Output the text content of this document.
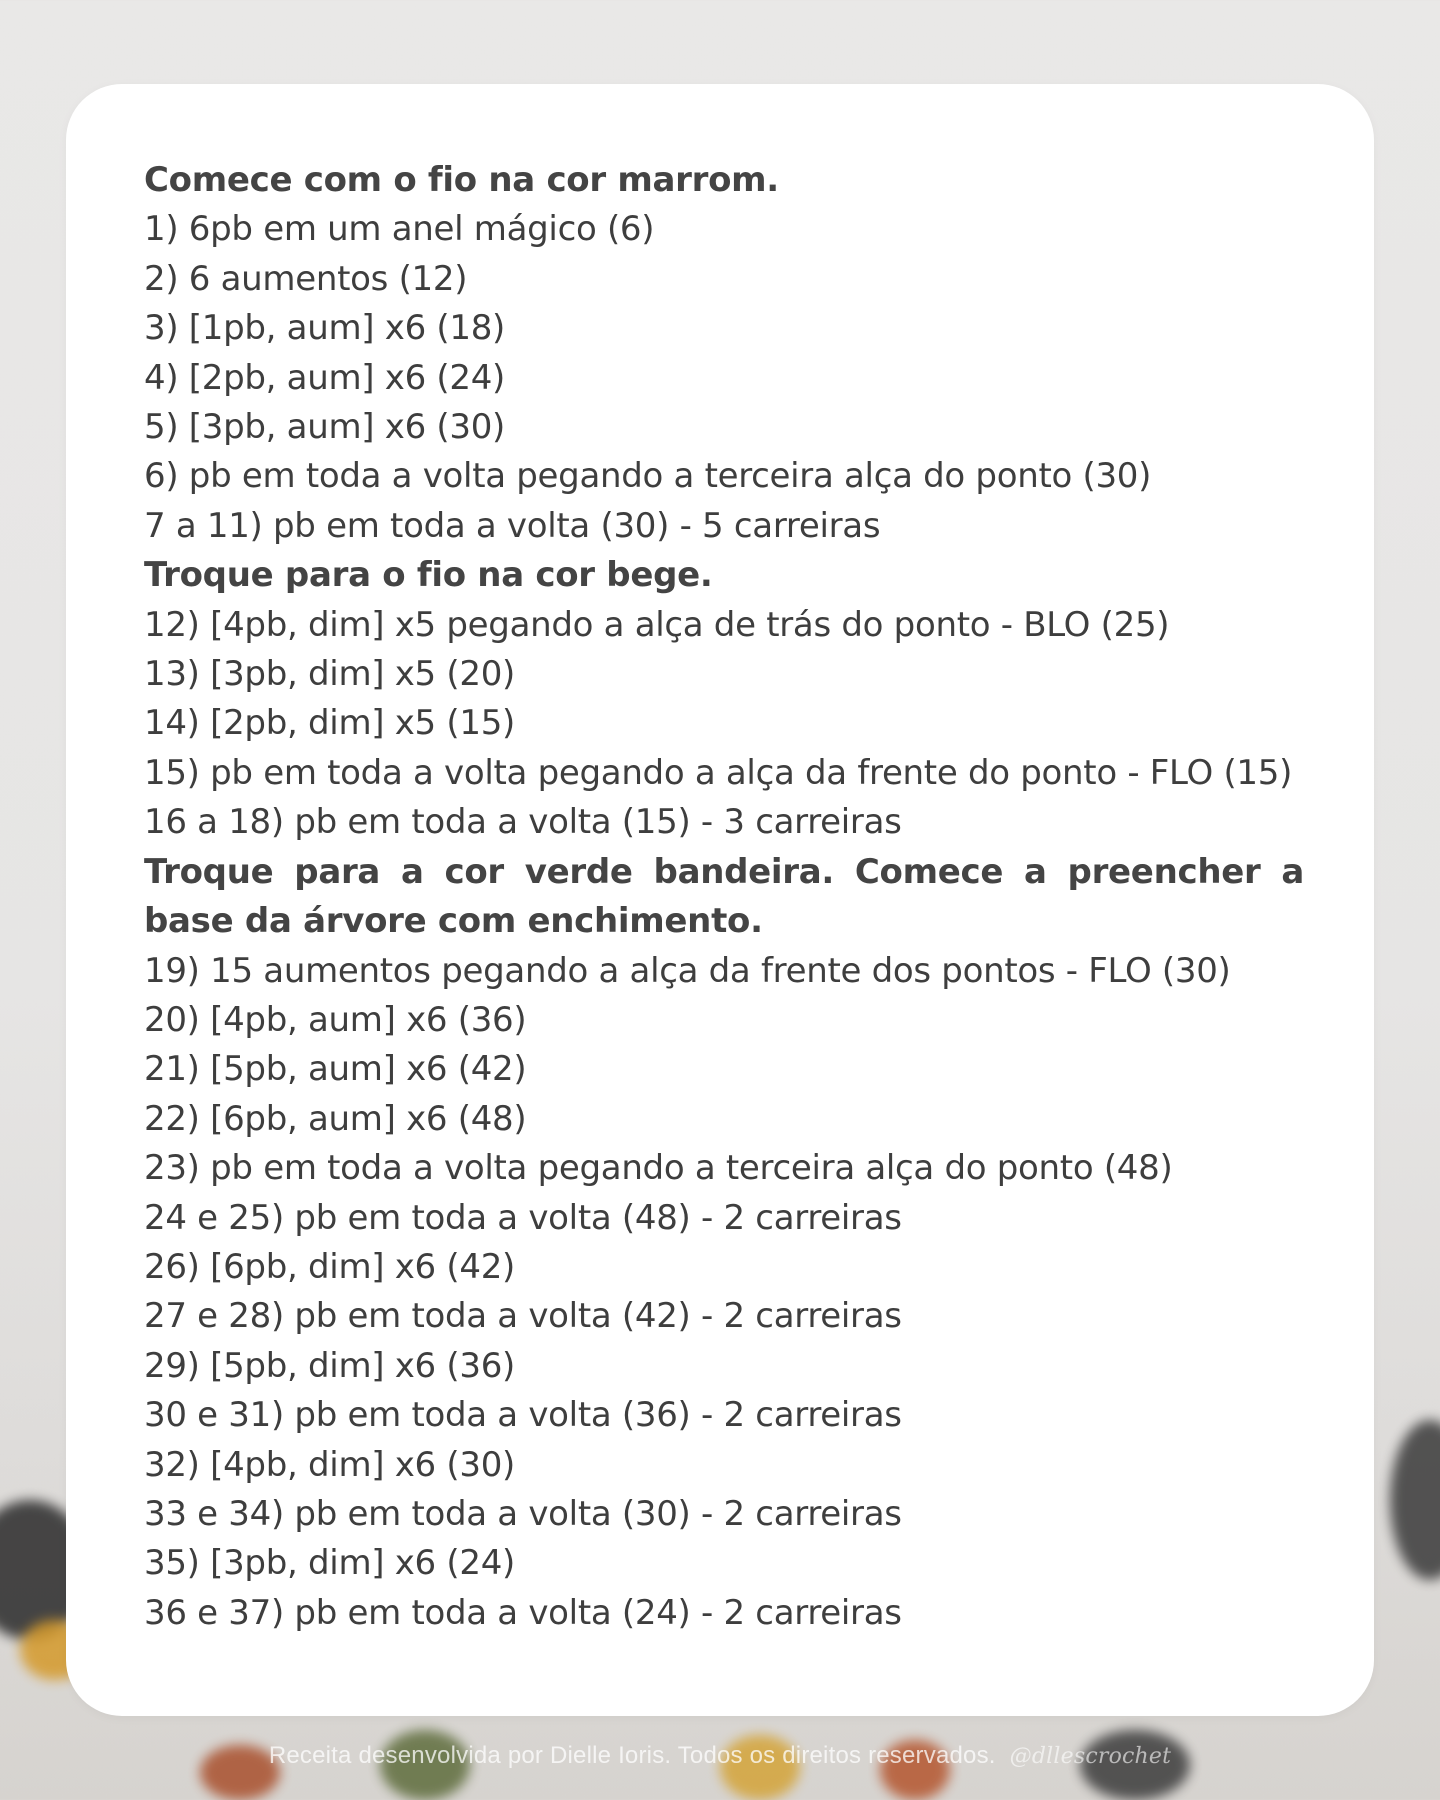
Comece com o fio na cor marrom.
1) 6pb em um anel mágico (6)
2) 6 aumentos (12)
3) [1pb, aum] x6 (18)
4) [2pb, aum] x6 (24)
5) [3pb, aum] x6 (30)
6) pb em toda a volta pegando a terceira alça do ponto (30)
7 a 11) pb em toda a volta (30) - 5 carreiras
Troque para o fio na cor bege.
12) [4pb, dim] x5 pegando a alça de trás do ponto - BLO (25)
13) [3pb, dim] x5 (20)
14) [2pb, dim] x5 (15)
15) pb em toda a volta pegando a alça da frente do ponto - FLO (15)
16 a 18) pb em toda a volta (15) - 3 carreiras
Troque para a cor verde bandeira. Comece a preencher a base da árvore com enchimento.
19) 15 aumentos pegando a alça da frente dos pontos - FLO (30)
20) [4pb, aum] x6 (36)
21) [5pb, aum] x6 (42)
22) [6pb, aum] x6 (48)
23) pb em toda a volta pegando a terceira alça do ponto (48)
24 e 25) pb em toda a volta (48) - 2 carreiras
26) [6pb, dim] x6 (42)
27 e 28) pb em toda a volta (42) - 2 carreiras
29) [5pb, dim] x6 (36)
30 e 31) pb em toda a volta (36) - 2 carreiras
32) [4pb, dim] x6 (30)
33 e 34) pb em toda a volta (30) - 2 carreiras
35) [3pb, dim] x6 (24)
36 e 37) pb em toda a volta (24) - 2 carreiras
Receita desenvolvida por Dielle Ioris. Todos os direitos reservados. @dllescrochet
